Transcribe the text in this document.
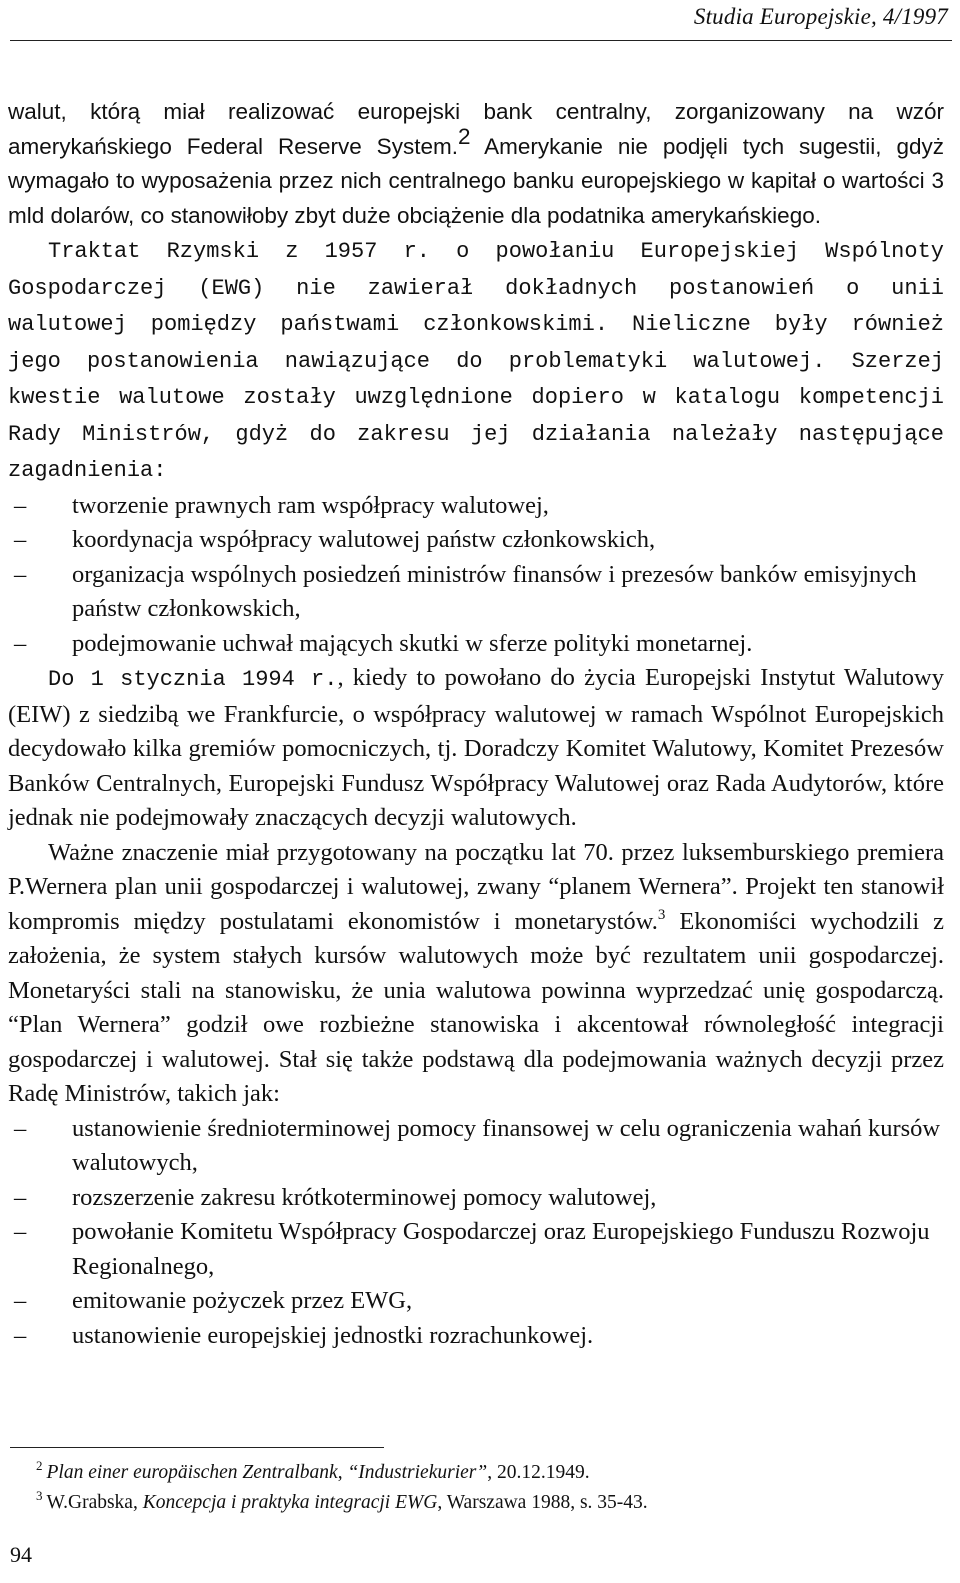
Studia Europejskie, 4/1997

walut, którą miał realizować europejski bank centralny, zorganizowany na wzór amerykańskiego Federal Reserve System.$^2$ Amerykanie nie podjęli tych sugestii, gdyż wymagało to wyposażenia przez nich centralnego banku europejskiego w kapitał o wartości 3 mld dolarów, co stanowiłoby zbyt duże obciążenie dla podatnika amerykańskiego.

Traktat Rzymski z 1957 r. o powołaniu Europejskiej Wspólnoty Gospodarczej (EWG) nie zawierał dokładnych postanowień o unii walutowej pomiędzy państwami członkowskimi. Nieliczne były również jego postanowienia nawiązujące do problematyki walutowej. Szerzej kwestie walutowe zostały uwzględnione dopiero w katalogu kompetencji Rady Ministrów, gdyż do zakresu jej działania należały następujące zagadnienia:

– tworzenie prawnych ram współpracy walutowej,
– koordynacja współpracy walutowej państw członkowskich,
– organizacja wspólnych posiedzeń ministrów finansów i prezesów banków emisyjnych państw członkowskich,
– podejmowanie uchwał mających skutki w sferze polityki monetarnej.

Do 1 stycznia 1994 r., kiedy to powołano do życia Europejski Instytut Walutowy (EIW) z siedzibą we Frankfurcie, o współpracy walutowej w ramach Wspólnot Europejskich decydowało kilka gremiów pomocniczych, tj. Doradczy Komitet Walutowy, Komitet Prezesów Banków Centralnych, Europejski Fundusz Współpracy Walutowej oraz Rada Audytorów, które jednak nie podejmowały znaczących decyzji walutowych.

Ważne znaczenie miał przygotowany na początku lat 70. przez luksemburskiego premiera P.Wernera plan unii gospodarczej i walutowej, zwany “planem Wernera”. Projekt ten stanowił kompromis między postulatami ekonomistów i monetarystów.$^3$ Ekonomiści wychodzili z założenia, że system stałych kursów walutowych może być rezultatem unii gospodarczej. Monetaryści stali na stanowisku, że unia walutowa powinna wyprzedzać unię gospodarczą. “Plan Wernera” godził owe rozbieżne stanowiska i akcentował równoległość integracji gospodarczej i walutowej. Stał się także podstawą dla podejmowania ważnych decyzji przez Radę Ministrów, takich jak:

– ustanowienie średnioterminowej pomocy finansowej w celu ograniczenia wahań kursów walutowych,
– rozszerzenie zakresu krótkoterminowej pomocy walutowej,
– powołanie Komitetu Współpracy Gospodarczej oraz Europejskiego Funduszu Rozwoju Regionalnego,
– emitowanie pożyczek przez EWG,
– ustanowienie europejskiej jednostki rozrachunkowej.

$^2$ Plan einer europäischen Zentralbank, “Industriekurier”, 20.12.1949.

$^3$ W.Grabska, Koncepcja i praktyka integracji EWG, Warszawa 1988, s. 35-43.

94
